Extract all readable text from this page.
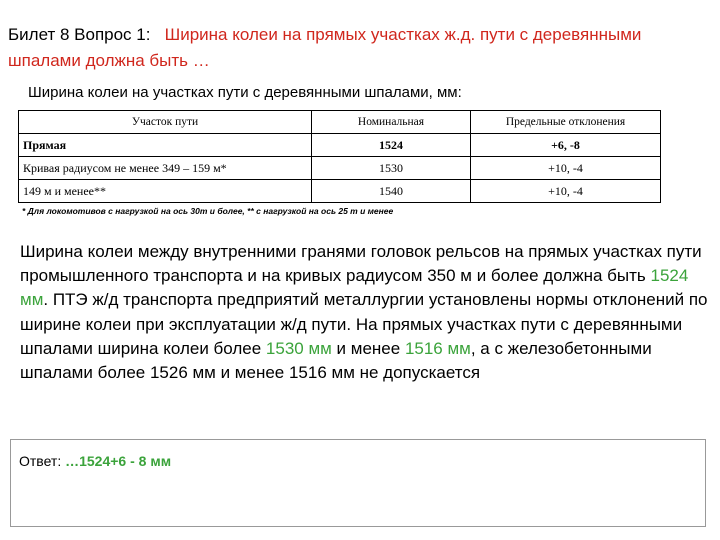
Билет 8 Вопрос 1: Ширина колеи на прямых участках ж.д. пути с деревянными шпалами должна быть …
Ширина колеи на участках пути с деревянными шпалами, мм:
Участок пути	Номинальная	Предельные отклонения
Прямая	1524	+6, -8
Кривая радиусом не менее 349 – 159 м*	1530	+10, -4
149 м и менее**	1540	+10, -4
* Для локомотивов с нагрузкой на ось 30т и более, ** с нагрузкой на ось 25 т и менее
Ширина колеи между внутренними гранями головок рельсов на прямых участках пути промышленного транспорта и на кривых радиусом 350 м и более должна быть 1524 мм. ПТЭ ж/д транспорта предприятий металлургии установлены нормы отклонений по ширине колеи при эксплуатации ж/д пути. На прямых участках пути с деревянными шпалами ширина колеи более 1530 мм и менее 1516 мм, а с железобетонными шпалами более 1526 мм и менее 1516 мм не допускается
Ответ: …1524+6 - 8 мм
